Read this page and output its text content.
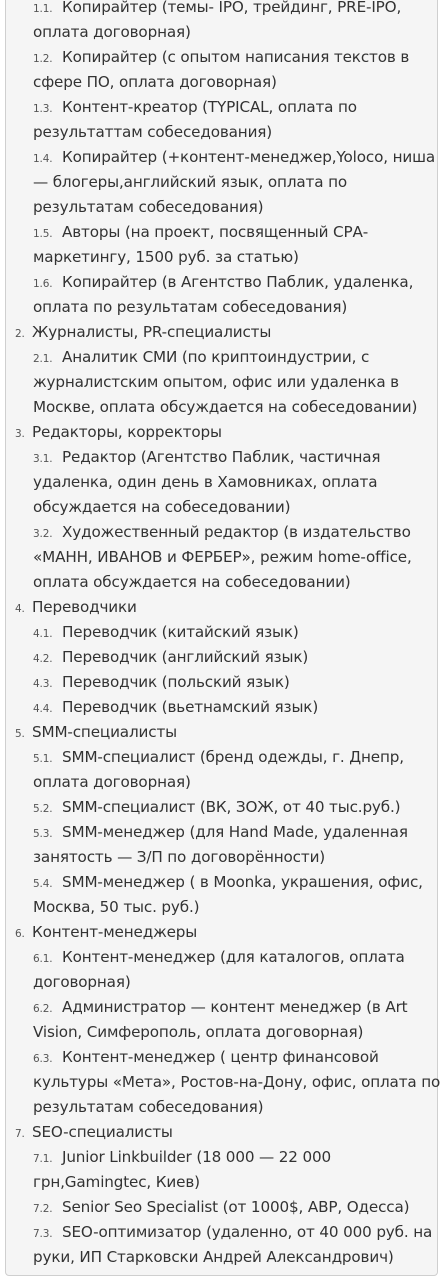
1.1. Копирайтер (темы- IPO, трейдинг, PRE-IPO,
оплата договорная)
1.2. Копирайтер (с опытом написания текстов в
сфере ПО, оплата договорная)
1.3. Контент-креатор (TYPICAL, оплата по
результаттам собеседования)
1.4. Копирайтер (+контент-менеджер,Yoloco, ниша
— блогеры,английский язык, оплата по
результатам собеседования)
1.5. Авторы (на проект, посвященный СРА-
маркетингу, 1500 руб. за статью)
1.6. Копирайтер (в Агентство Паблик, удаленка,
оплата по результатам собеседования)
2. Журналисты, PR-специалисты
2.1. Аналитик СМИ (по криптоиндустрии, с
журналистским опытом, офис или удаленка в
Москве, оплата обсуждается на собеседовании)
3. Редакторы, корректоры
3.1. Редактор (Агентство Паблик, частичная
удаленка, один день в Хамовниках, оплата
обсуждается на собеседовании)
3.2. Художественный редактор (в издательство
«МАНН, ИВАНОВ и ФЕРБЕР», режим home-office,
оплата обсуждается на собеседовании)
4. Переводчики
4.1. Переводчик (китайский язык)
4.2. Переводчик (английский язык)
4.3. Переводчик (польский язык)
4.4. Переводчик (вьетнамский язык)
5. SMM-специалисты
5.1. SMM-специалист (бренд одежды, г. Днепр,
оплата договорная)
5.2. SMM-специалист (ВК, ЗОЖ, от 40 тыс.руб.)
5.3. SMM-менеджер (для Hand Made, удаленная
занятость — З/П по договорённости)
5.4. SMM-менеджер ( в Moonka, украшения, офис,
Москва, 50 тыс. руб.)
6. Контент-менеджеры
6.1. Контент-менеджер (для каталогов, оплата
договорная)
6.2. Администратор — контент менеджер (в Art
Vision, Симферополь, оплата договорная)
6.3. Контент-менеджер ( центр финансовой
культуры «Мета», Ростов-на-Дону, офис, оплата по
результатам собеседования)
7. SEO-специалисты
7.1. Junior Linkbuilder (18 000 — 22 000
грн,Gamingtec, Киев)
7.2. Senior Seo Specialist (от 1000$, АВР, Одесса)
7.3. SEO-оптимизатор (удаленно, от 40 000 руб. на
руки, ИП Старковски Андрей Александрович)
